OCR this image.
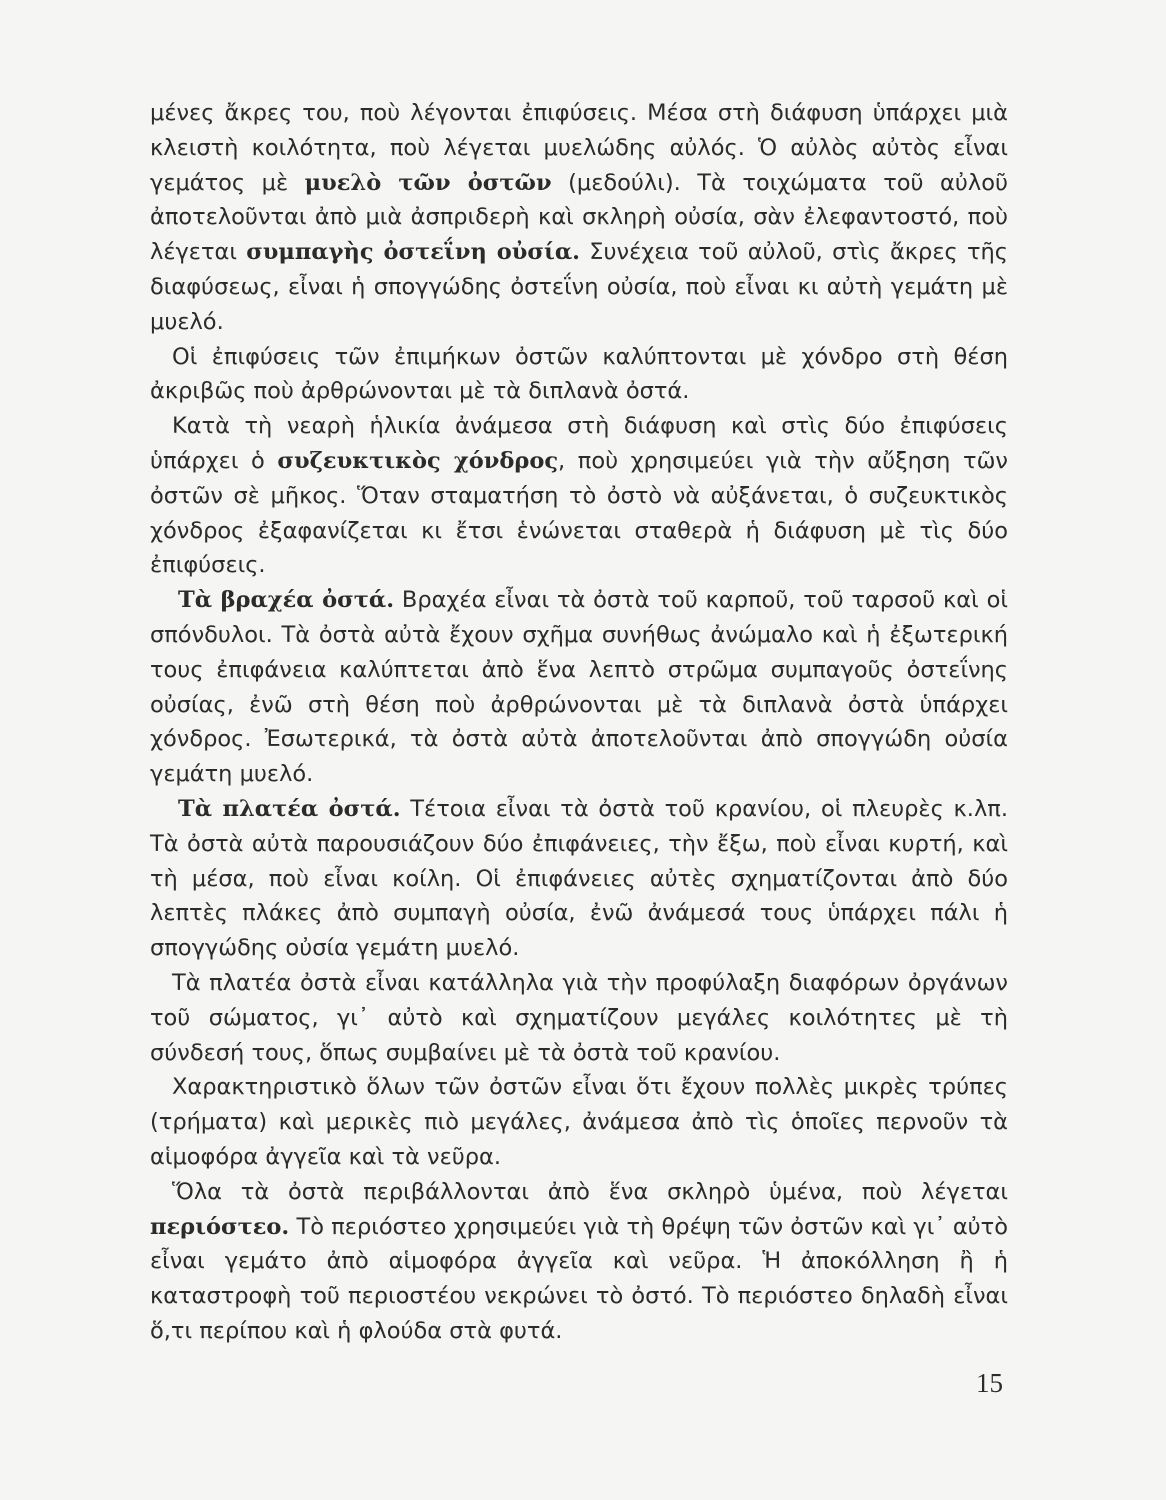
μένες ἄκρες του, ποὺ λέγονται ἐπιφύσεις. Μέσα στὴ διάφυση ὑπάρχει μιὰ κλειστὴ κοιλότητα, ποὺ λέγεται μυελώδης αὐλός. Ὁ αὐλὸς αὐτὸς εἶναι γεμάτος μὲ μυελὸ τῶν ὀστῶν (μεδούλι). Τὰ τοιχώματα τοῦ αὐλοῦ ἀποτελοῦνται ἀπὸ μιὰ ἀσπριδερὴ καὶ σκληρὴ οὐσία, σὰν ἐλεφαντοστό, ποὺ λέγεται συμπαγὴς ὀστεΐνη οὐσία. Συνέχεια τοῦ αὐλοῦ, στὶς ἄκρες τῆς διαφύσεως, εἶναι ἡ σπογγώδης ὀστεΐνη οὐσία, ποὺ εἶναι κι αὐτὴ γεμάτη μὲ μυελό.

Οἱ ἐπιφύσεις τῶν ἐπιμήκων ὀστῶν καλύπτονται μὲ χόνδρο στὴ θέση ἀκριβῶς ποὺ ἀρθρώνονται μὲ τὰ διπλανὰ ὀστά.

Κατὰ τὴ νεαρὴ ἡλικία ἀνάμεσα στὴ διάφυση καὶ στὶς δύο ἐπιφύσεις ὑπάρχει ὁ συζευκτικὸς χόνδρος, ποὺ χρησιμεύει γιὰ τὴν αὔξηση τῶν ὀστῶν σὲ μῆκος. Ὅταν σταματήση τὸ ὀστὸ νὰ αὐξάνεται, ὁ συζευκτικὸς χόνδρος ἐξαφανίζεται κι ἔτσι ἑνώνεται σταθερὰ ἡ διάφυση μὲ τὶς δύο ἐπιφύσεις.

Τὰ βραχέα ὀστά. Βραχέα εἶναι τὰ ὀστὰ τοῦ καρποῦ, τοῦ ταρσοῦ καὶ οἱ σπόνδυλοι. Τὰ ὀστὰ αὐτὰ ἔχουν σχῆμα συνήθως ἀνώμαλο καὶ ἡ ἐξωτερική τους ἐπιφάνεια καλύπτεται ἀπὸ ἕνα λεπτὸ στρῶμα συμπαγοῦς ὀστεΐνης οὐσίας, ἐνῶ στὴ θέση ποὺ ἀρθρώνονται μὲ τὰ διπλανὰ ὀστὰ ὑπάρχει χόνδρος. Ἐσωτερικά, τὰ ὀστὰ αὐτὰ ἀποτελοῦνται ἀπὸ σπογγώδη οὐσία γεμάτη μυελό.

Τὰ πλατέα ὀστά. Τέτοια εἶναι τὰ ὀστὰ τοῦ κρανίου, οἱ πλευρὲς κ.λπ. Τὰ ὀστὰ αὐτὰ παρουσιάζουν δύο ἐπιφάνειες, τὴν ἔξω, ποὺ εἶναι κυρτή, καὶ τὴ μέσα, ποὺ εἶναι κοίλη. Οἱ ἐπιφάνειες αὐτὲς σχηματίζονται ἀπὸ δύο λεπτὲς πλάκες ἀπὸ συμπαγὴ οὐσία, ἐνῶ ἀνάμεσά τους ὑπάρχει πάλι ἡ σπογγώδης οὐσία γεμάτη μυελό.

Τὰ πλατέα ὀστὰ εἶναι κατάλληλα γιὰ τὴν προφύλαξη διαφόρων ὀργάνων τοῦ σώματος, γι᾿ αὐτὸ καὶ σχηματίζουν μεγάλες κοιλότητες μὲ τὴ σύνδεσή τους, ὅπως συμβαίνει μὲ τὰ ὀστὰ τοῦ κρανίου.

Χαρακτηριστικὸ ὅλων τῶν ὀστῶν εἶναι ὅτι ἔχουν πολλὲς μικρὲς τρύπες (τρήματα) καὶ μερικὲς πιὸ μεγάλες, ἀνάμεσα ἀπὸ τὶς ὁποῖες περνοῦν τὰ αἱμοφόρα ἀγγεῖα καὶ τὰ νεῦρα.

Ὅλα τὰ ὀστὰ περιβάλλονται ἀπὸ ἕνα σκληρὸ ὑμένα, ποὺ λέγεται περιόστεο. Τὸ περιόστεο χρησιμεύει γιὰ τὴ θρέψη τῶν ὀστῶν καὶ γι᾿ αὐτὸ εἶναι γεμάτο ἀπὸ αἱμοφόρα ἀγγεῖα καὶ νεῦρα. Ἡ ἀποκόλληση ἢ ἡ καταστροφὴ τοῦ περιοστέου νεκρώνει τὸ ὀστό. Τὸ περιόστεο δηλαδὴ εἶναι ὅ,τι περίπου καὶ ἡ φλούδα στὰ φυτά.

15
